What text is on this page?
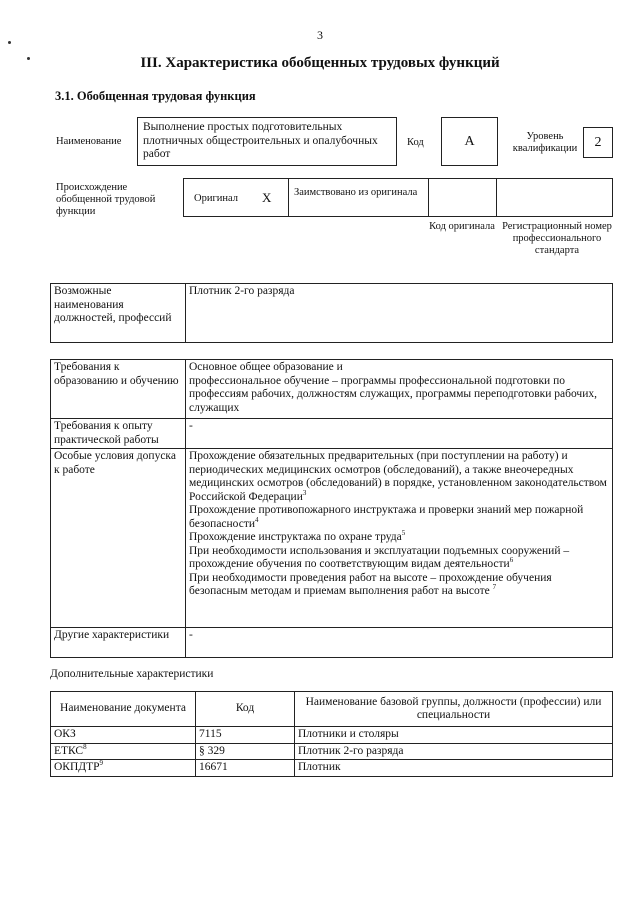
3
III. Характеристика обобщенных трудовых функций
3.1. Обобщенная трудовая функция
Наименование
Выполнение простых подготовительных плотничных общестроительных и опалубочных работ
Код	А	Уровень квалификации	2
Происхождение обобщенной трудовой функции
Оригинал X Заимствовано из оригинала
Код оригинала Регистрационный номер профессионального стандарта
Возможные наименования должностей, профессий	Плотник 2-го разряда
Требования к образованию и обучению	Основное общее образование и
профессиональное обучение – программы профессиональной подготовки по профессиям рабочих, должностям служащих, программы переподготовки рабочих, служащих

Требования к опыту практической работы	-
Особые условия допуска к работе	Прохождение обязательных предварительных (при поступлении на работу) и периодических медицинских осмотров (обследований), а также внеочередных медицинских осмотров (обследований) в порядке, установленном законодательством Российской Федерации$^3$
Прохождение противопожарного инструктажа и проверки знаний мер пожарной безопасности$^4$
Прохождение инструктажа по охране труда$^5$
При необходимости использования и эксплуатации подъемных сооружений – прохождение обучения по соответствующим видам деятельности$^6$
При необходимости проведения работ на высоте – прохождение обучения безопасным методам и приемам выполнения работ на высоте $^7$

Другие характеристики	-
Дополнительные характеристики
Наименование документа	Код	Наименование базовой группы, должности (профессии) или специальности
ОКЗ	7115	Плотники и столяры
ЕТКС$^8$	§ 329	Плотник 2-го разряда
ОКПДТР$^9$	16671	Плотник
